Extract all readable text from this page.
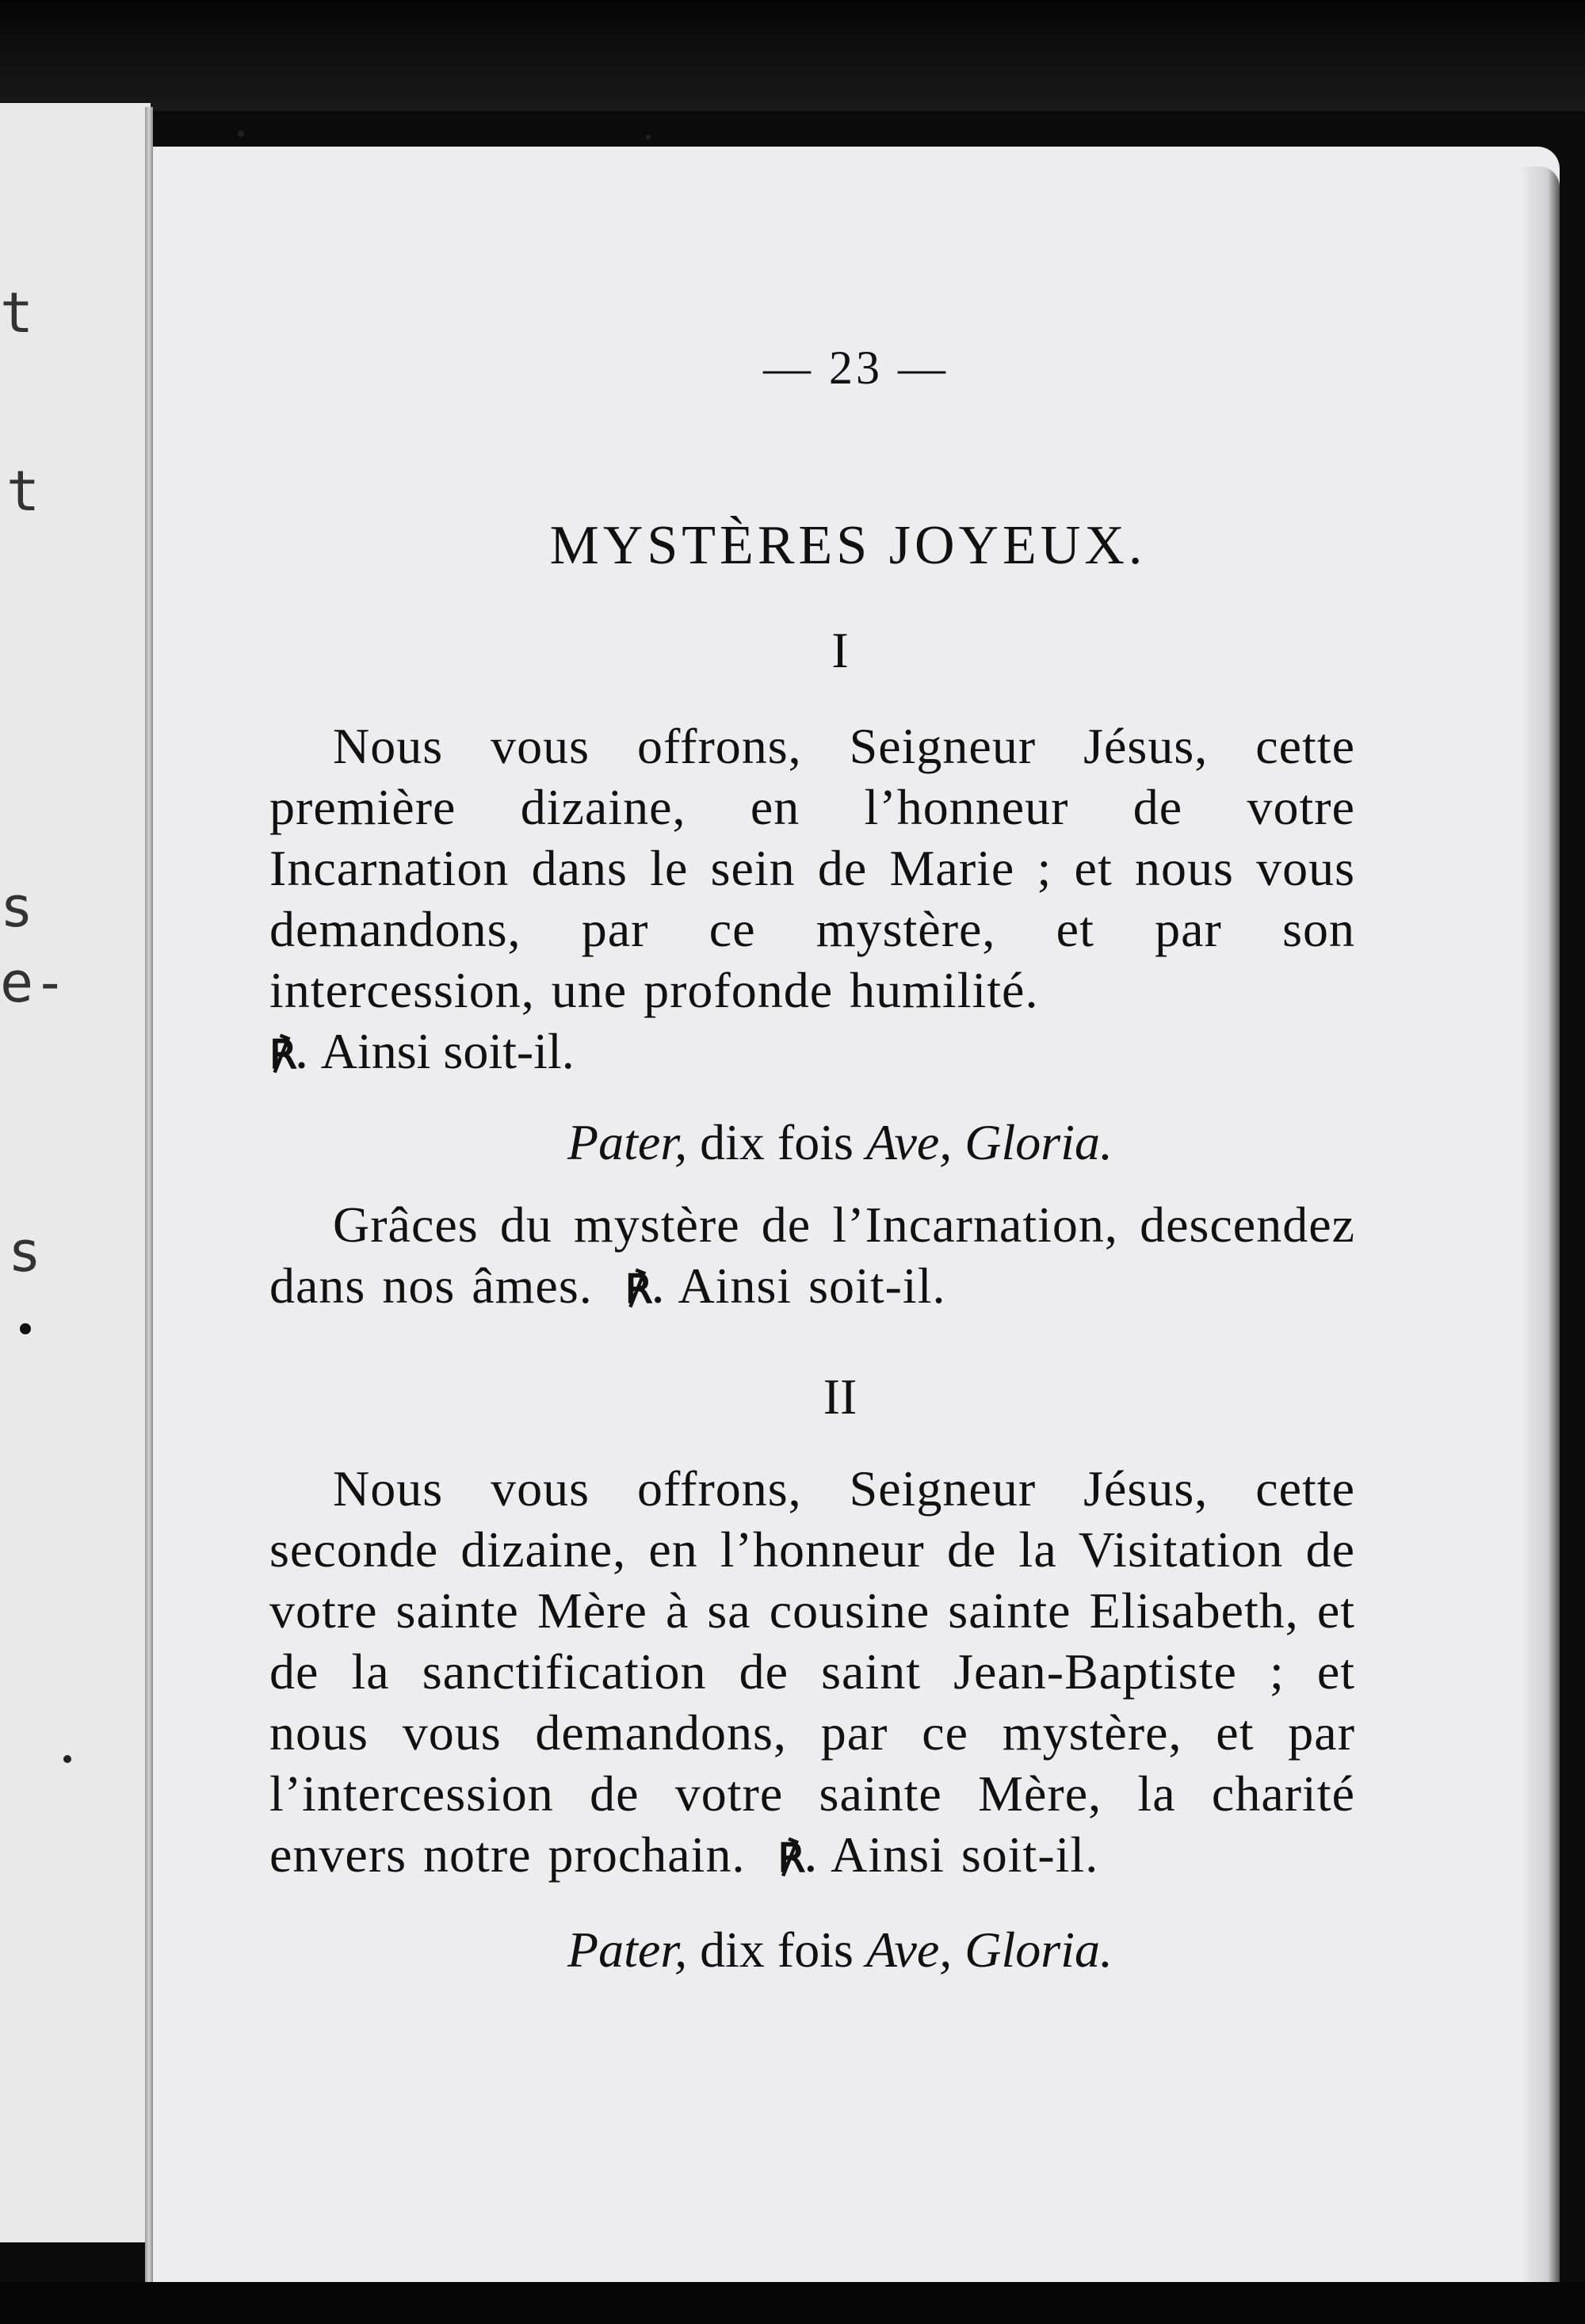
t
t
s
e-
s
— 23 —
MYSTÈRES JOYEUX.
I
Nous vous offrons, Seigneur Jésus, cette première dizaine, en l’honneur de votre Incarnation dans le sein de Marie ; et nous vous demandons, par ce mystère, et par son intercession, une profonde humilité.
℟. Ainsi soit-il.
Pater, dix fois Ave, Gloria.
Grâces du mystère de l’Incarnation, descendez dans nos âmes. ℟. Ainsi soit-il.
II
Nous vous offrons, Seigneur Jésus, cette seconde dizaine, en l’honneur de la Visitation de votre sainte Mère à sa cousine sainte Elisabeth, et de la sanctification de saint Jean-Baptiste ; et nous vous demandons, par ce mystère, et par l’intercession de votre sainte Mère, la charité envers notre prochain. ℟. Ainsi soit-il.
Pater, dix fois Ave, Gloria.
